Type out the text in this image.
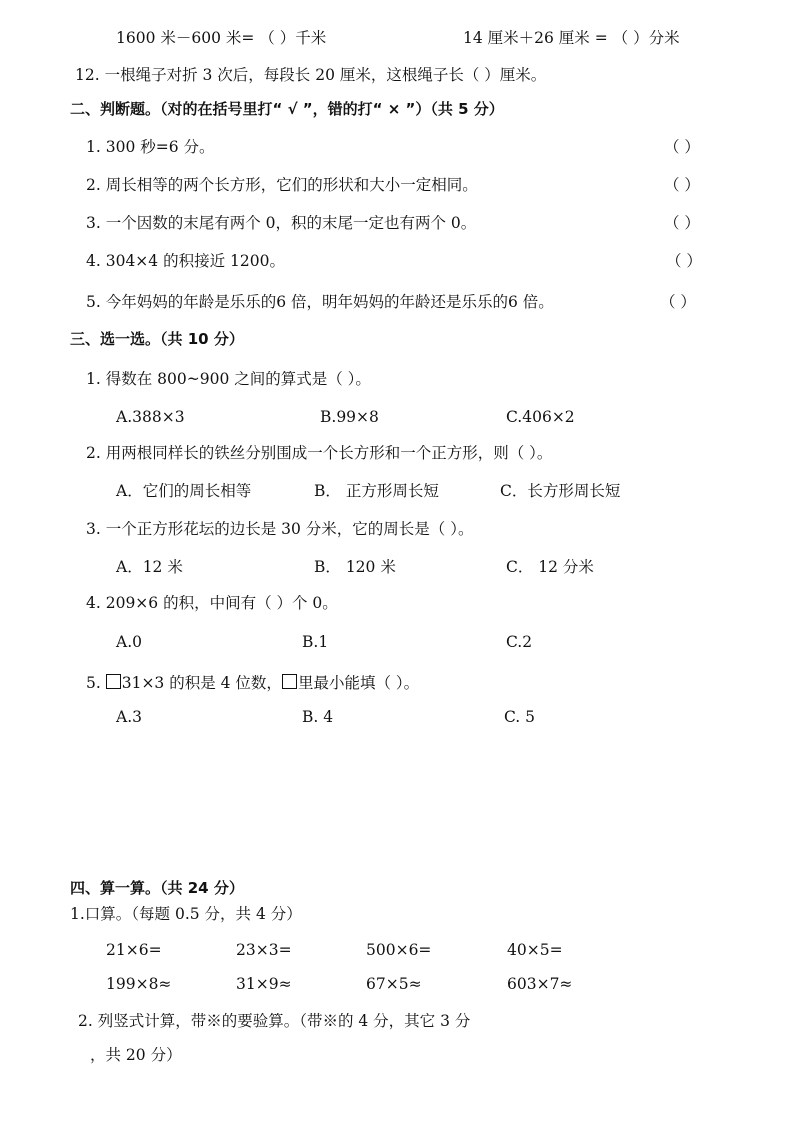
1600 米－600 米= （ ）千米	14 厘米＋26 厘米 = （ ）分米
12. 一根绳子对折 3 次后，每段长 20 厘米，这根绳子长（ ）厘米。
二、判断题。（对的在括号里打“ √ ”，错的打“ × ”）（共 5 分）
1. 300 秒=6 分。	（ ）
2. 周长相等的两个长方形，它们的形状和大小一定相同。	（ ）
3. 一个因数的末尾有两个 0，积的末尾一定也有两个 0。	（ ）
4. 304×4 的积接近 1200。	（ ）
5. 今年妈妈的年龄是乐乐的6 倍，明年妈妈的年龄还是乐乐的6 倍。	（ ）
三、选一选。（共 10 分）
1. 得数在 800~900 之间的算式是（ ）。
A.388×3	B.99×8	C.406×2
2. 用两根同样长的铁丝分别围成一个长方形和一个正方形，则（ ）。
A．它们的周长相等	B． 正方形周长短	C．长方形周长短
3. 一个正方形花坛的边长是 30 分米，它的周长是（ ）。
A．12 米	B． 120 米	C． 12 分米
4. 209×6 的积，中间有（ ）个 0。
A.0	B.1	C.2
5. 31×3 的积是 4 位数， 里最小能填（ ）。
A.3	B. 4	C. 5
四、算一算。（共 24 分）
1.口算。（每题 0.5 分，共 4 分）
21×6=	23×3=	500×6=	40×5=
199×8≈	31×9≈	67×5≈	603×7≈
2. 列竖式计算，带※的要验算。（带※的 4 分，其它 3 分
，共 20 分）
